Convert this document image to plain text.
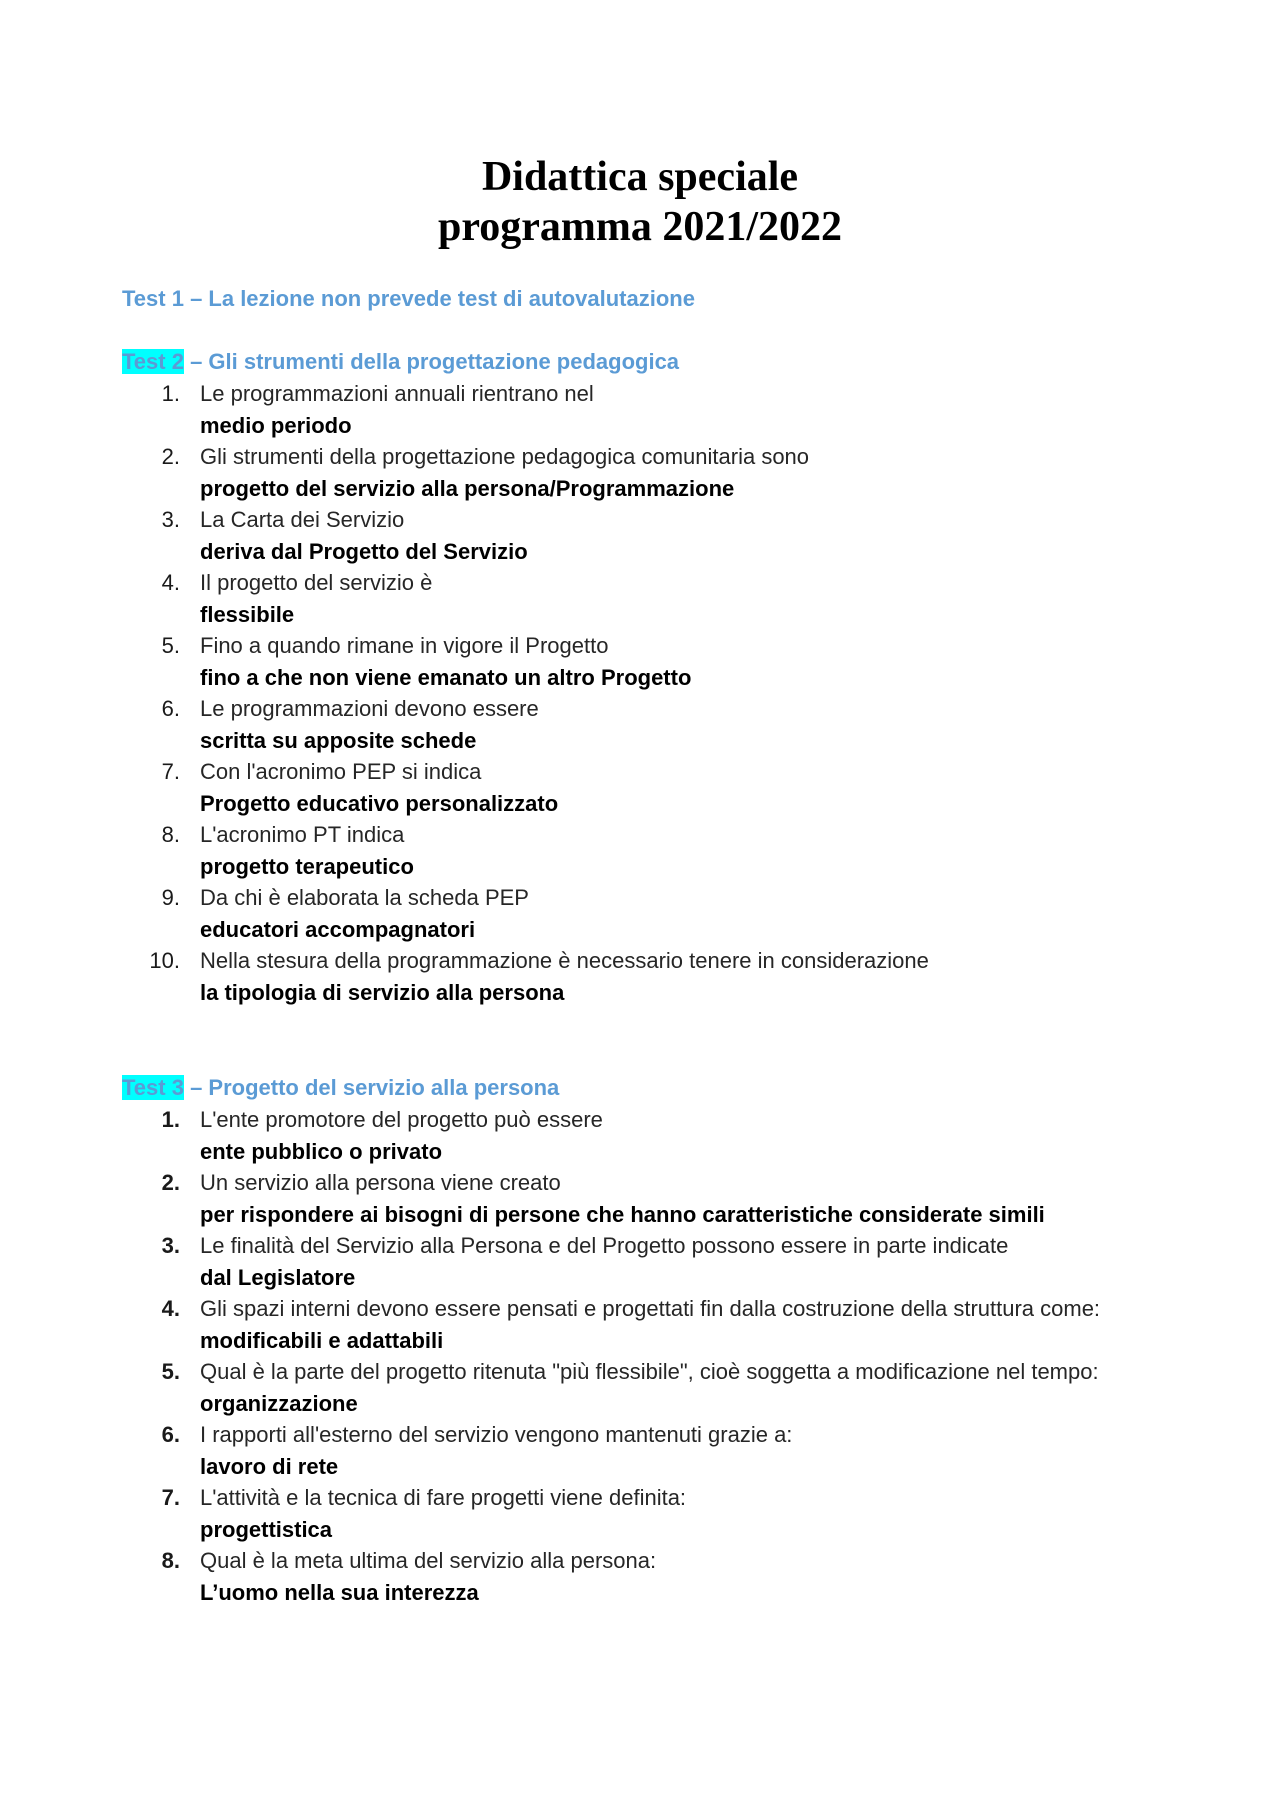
Didattica speciale
programma 2021/2022
Test 1 – La lezione non prevede test di autovalutazione
Test 2 – Gli strumenti della progettazione pedagogica
1. Le programmazioni annuali rientrano nel
medio periodo
2. Gli strumenti della progettazione pedagogica comunitaria sono
progetto del servizio alla persona/Programmazione
3. La Carta dei Servizio
deriva dal Progetto del Servizio
4. Il progetto del servizio è
flessibile
5. Fino a quando rimane in vigore il Progetto
fino a che non viene emanato un altro Progetto
6. Le programmazioni devono essere
scritta su apposite schede
7. Con l'acronimo PEP si indica
Progetto educativo personalizzato
8. L'acronimo PT indica
progetto terapeutico
9. Da chi è elaborata la scheda PEP
educatori accompagnatori
10. Nella stesura della programmazione è necessario tenere in considerazione
la tipologia di servizio alla persona
Test 3 – Progetto del servizio alla persona
1. L'ente promotore del progetto può essere
ente pubblico o privato
2. Un servizio alla persona viene creato
per rispondere ai bisogni di persone che hanno caratteristiche considerate simili
3. Le finalità del Servizio alla Persona e del Progetto possono essere in parte indicate
dal Legislatore
4. Gli spazi interni devono essere pensati e progettati fin dalla costruzione della struttura come:
modificabili e adattabili
5. Qual è la parte del progetto ritenuta "più flessibile", cioè soggetta a modificazione nel tempo:
organizzazione
6. I rapporti all'esterno del servizio vengono mantenuti grazie a:
lavoro di rete
7. L'attività e la tecnica di fare progetti viene definita:
progettistica
8. Qual è la meta ultima del servizio alla persona:
L’uomo nella sua interezza
